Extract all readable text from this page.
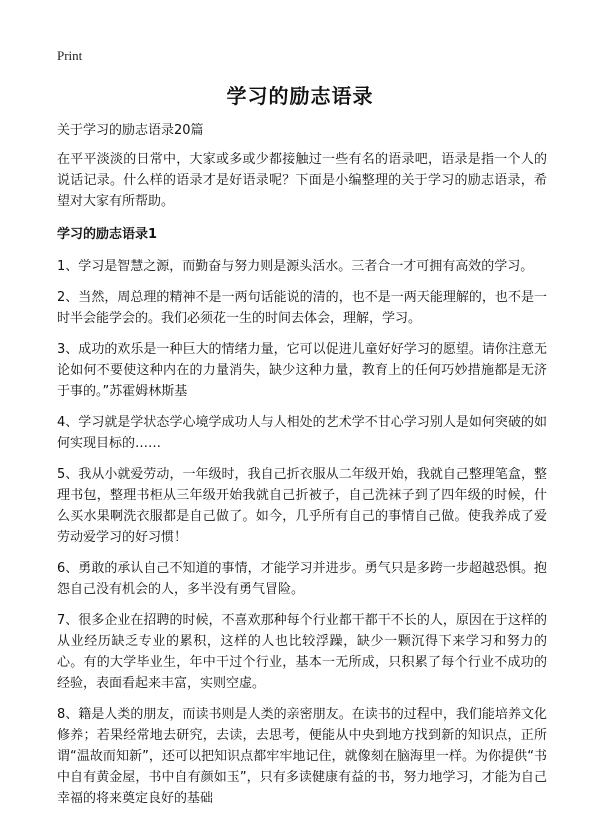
Print
学习的励志语录
关于学习的励志语录20篇

在平平淡淡的日常中，大家或多或少都接触过一些有名的语录吧，语录是指一个人的说话记录。什么样的语录才是好语录呢？下面是小编整理的关于学习的励志语录，希望对大家有所帮助。

学习的励志语录1

1、学习是智慧之源，而勤奋与努力则是源头活水。三者合一才可拥有高效的学习。

2、当然，周总理的精神不是一两句话能说的清的，也不是一两天能理解的，也不是一时半会能学会的。我们必须花一生的时间去体会，理解，学习。

3、成功的欢乐是一种巨大的情绪力量，它可以促进儿童好好学习的愿望。请你注意无论如何不要使这种内在的力量消失，缺少这种力量，教育上的任何巧妙措施都是无济于事的。”苏霍姆林斯基

4、学习就是学状态学心境学成功人与人相处的艺术学不甘心学习别人是如何突破的如何实现目标的……

5、我从小就爱劳动，一年级时，我自己折衣服从二年级开始，我就自己整理笔盒，整理书包，整理书柜从三年级开始我就自己折被子，自己洗袜子到了四年级的时候，什么买水果啊洗衣服都是自己做了。如今，几乎所有自己的事情自己做。使我养成了爱劳动爱学习的好习惯！

6、勇敢的承认自己不知道的事情，才能学习并进步。勇气只是多跨一步超越恐惧。抱怨自己没有机会的人，多半没有勇气冒险。

7、很多企业在招聘的时候，不喜欢那种每个行业都干都干不长的人，原因在于这样的从业经历缺乏专业的累积，这样的人也比较浮躁，缺少一颗沉得下来学习和努力的心。有的大学毕业生，年中干过个行业，基本一无所成，只积累了每个行业不成功的经验，表面看起来丰富，实则空虚。

8、籍是人类的朋友，而读书则是人类的亲密朋友。在读书的过程中，我们能培养文化修养；若果经常地去研究，去读，去思考，便能从中央到地方找到新的知识点，正所谓“温故而知新”，还可以把知识点都牢牢地记住，就像刻在脑海里一样。为你提供“书中自有黄金屋，书中自有颜如玉”，只有多读健康有益的书，努力地学习，才能为自己幸福的将来奠定良好的基础
